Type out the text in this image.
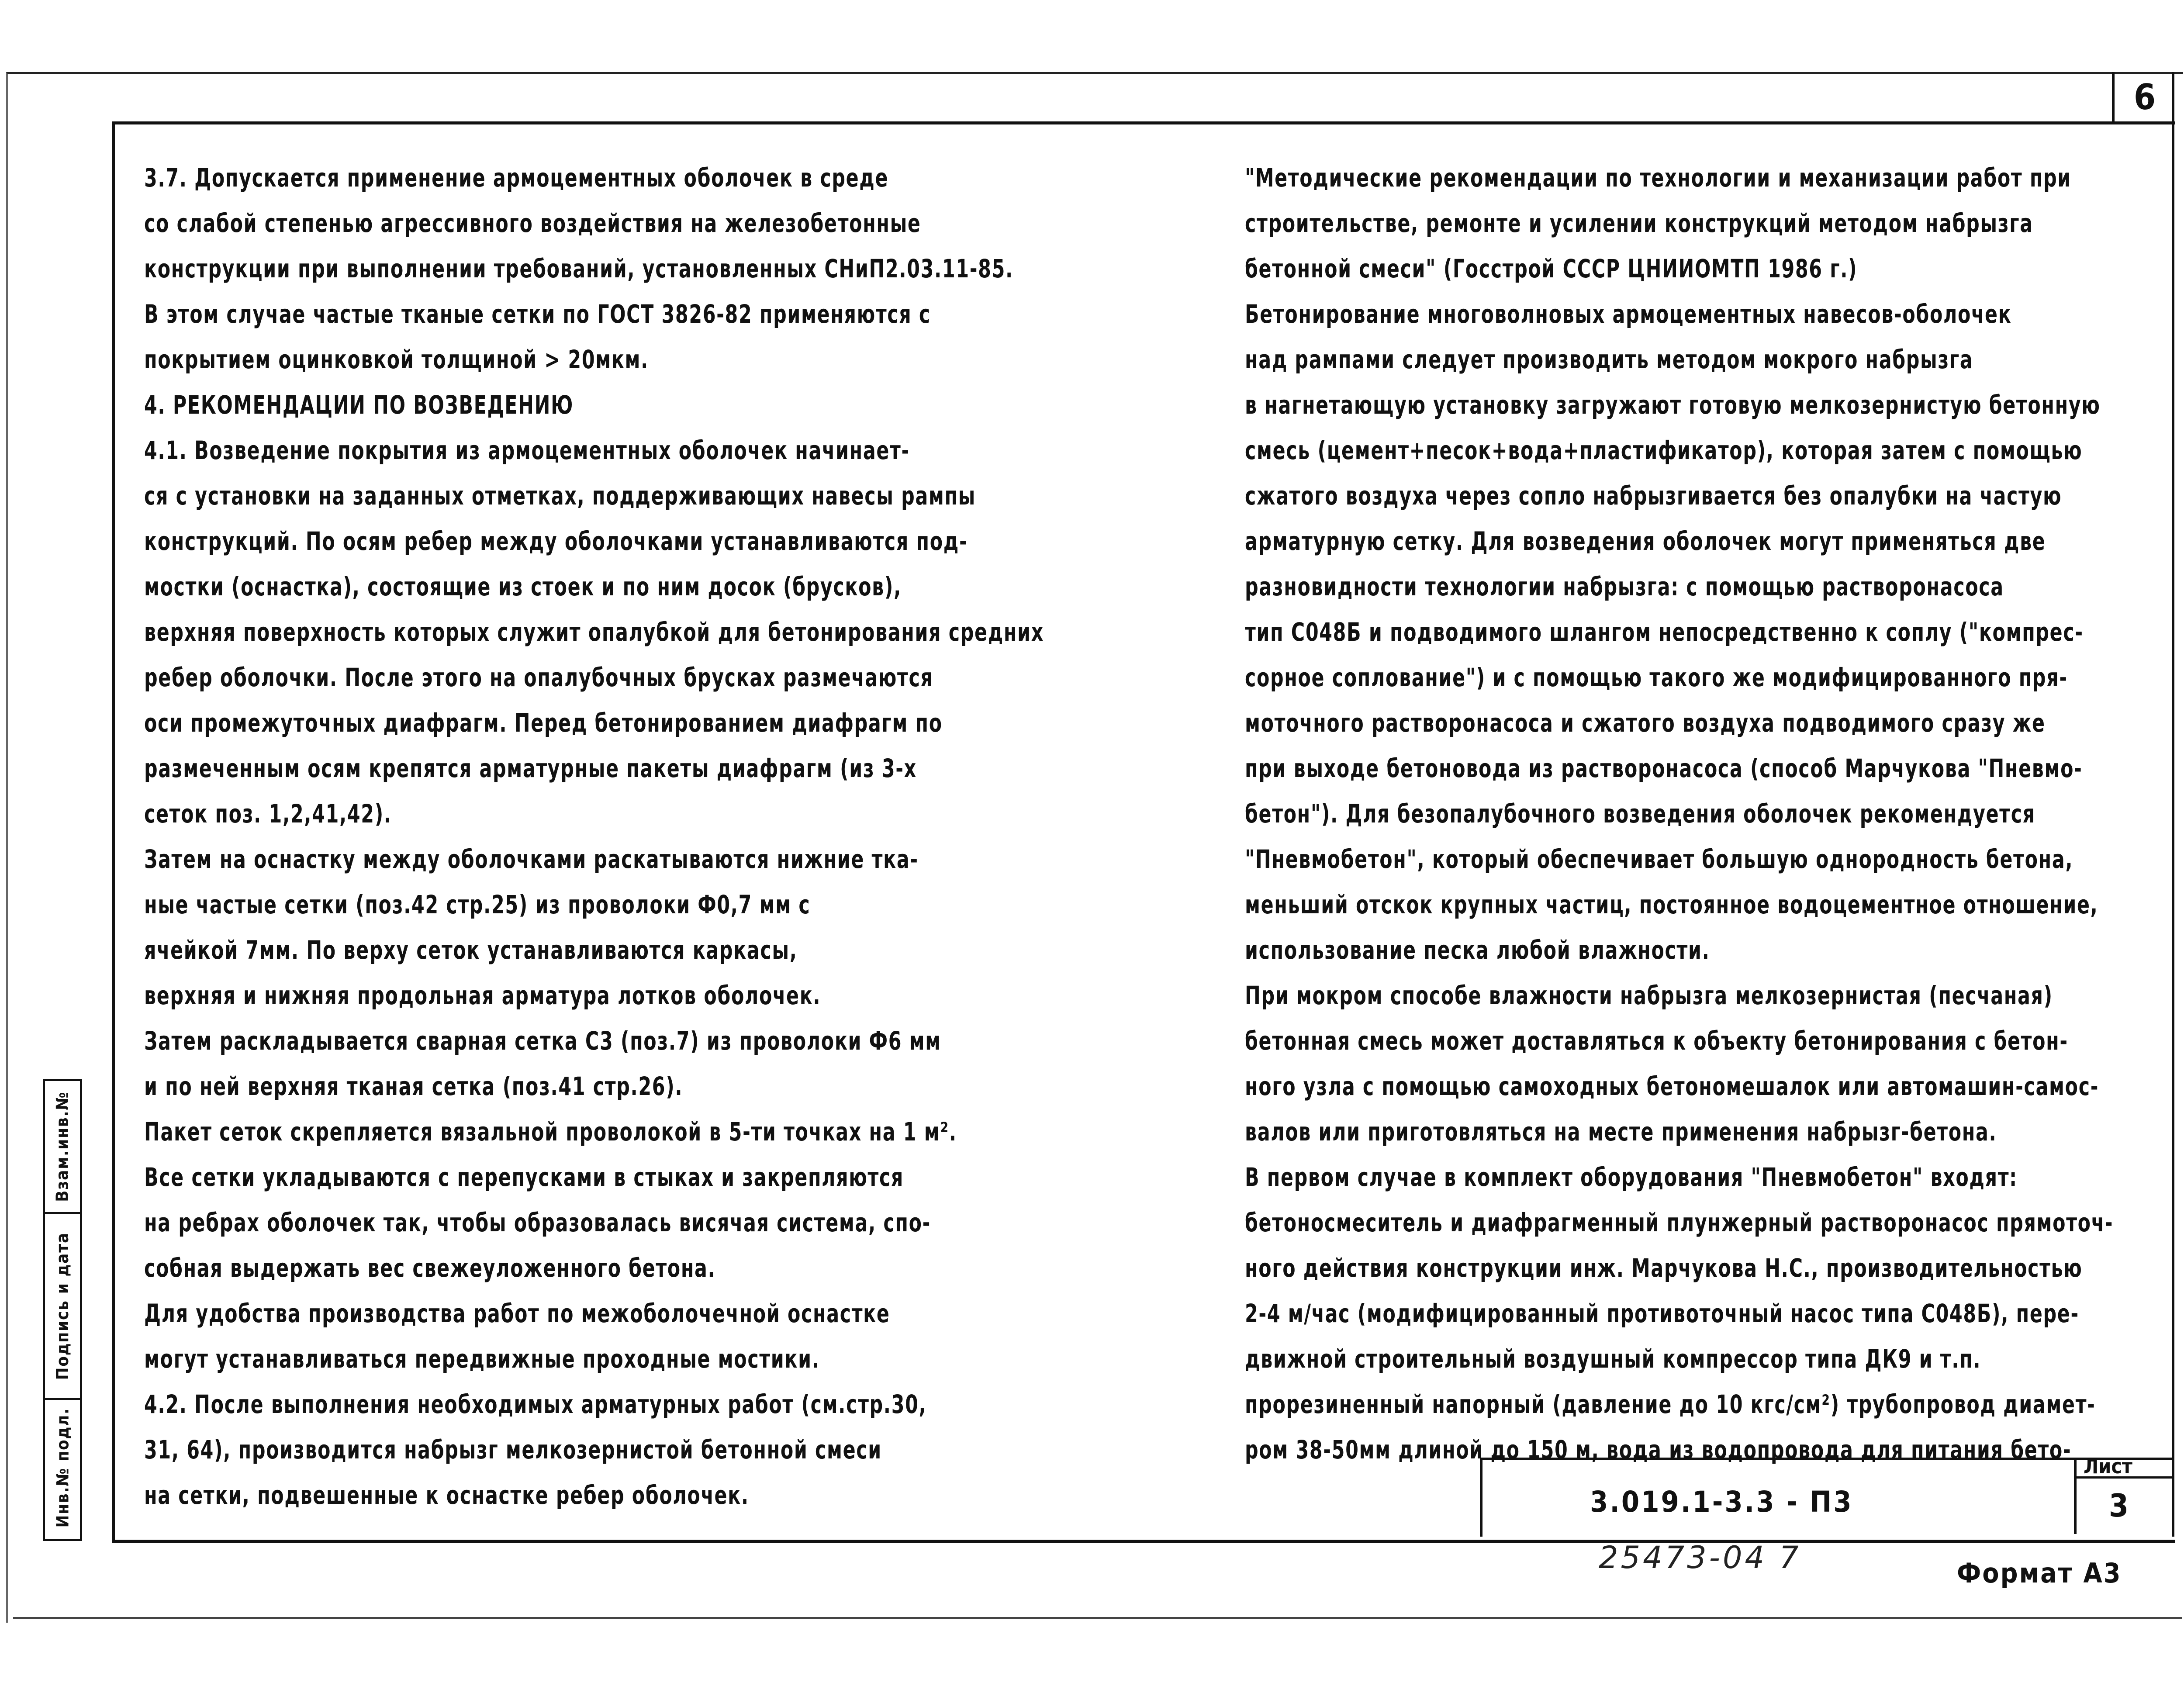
6

3.7. Допускается применение армоцементных оболочек в среде

со слабой степенью агрессивного воздействия на железобетонные

конструкции при выполнении требований, установленных СНиП2.03.11-85.

В этом случае частые тканые сетки по ГОСТ 3826-82 применяются с

покрытием оцинковкой толщиной > 20мкм.

4. РЕКОМЕНДАЦИИ ПО ВОЗВЕДЕНИЮ

4.1. Возведение покрытия из армоцементных оболочек начинает-

ся с установки на заданных отметках, поддерживающих навесы рампы

конструкций. По осям ребер между оболочками устанавливаются под-

мостки (оснастка), состоящие из стоек и по ним досок (брусков),

верхняя поверхность которых служит опалубкой для бетонирования средних

ребер оболочки. После этого на опалубочных брусках размечаются

оси промежуточных диафрагм. Перед бетонированием диафрагм по

размеченным осям крепятся арматурные пакеты диафрагм (из 3-х

сеток поз. 1,2,41,42).

Затем на оснастку между оболочками раскатываются нижние тка-

ные частые сетки (поз.42 стр.25) из проволоки Ф0,7 мм с

ячейкой 7мм. По верху сеток устанавливаются каркасы,

верхняя и нижняя продольная арматура лотков оболочек.

Затем раскладывается сварная сетка С3 (поз.7) из проволоки Ф6 мм

и по ней верхняя тканая сетка (поз.41 стр.26).

Пакет сеток скрепляется вязальной проволокой в 5-ти точках на 1 м².

Все сетки укладываются с перепусками в стыках и закрепляются

на ребрах оболочек так, чтобы образовалась висячая система, спо-

собная выдержать вес свежеуложенного бетона.

Для удобства производства работ по межоболочечной оснастке

могут устанавливаться передвижные проходные мостики.

4.2. После выполнения необходимых арматурных работ (см.стр.30,

31, 64), производится набрызг мелкозернистой бетонной смеси

на сетки, подвешенные к оснастке ребер оболочек.

"Методические рекомендации по технологии и механизации работ при

строительстве, ремонте и усилении конструкций методом набрызга

бетонной смеси" (Госстрой СССР ЦНИИОМТП 1986 г.)

Бетонирование многоволновых армоцементных навесов-оболочек

над рампами следует производить методом мокрого набрызга

в нагнетающую установку загружают готовую мелкозернистую бетонную

смесь (цемент+песок+вода+пластификатор), которая затем с помощью

сжатого воздуха через сопло набрызгивается без опалубки на частую

арматурную сетку. Для возведения оболочек могут применяться две

разновидности технологии набрызга: с помощью растворонасоса

тип С048Б и подводимого шлангом непосредственно к соплу ("компрес-

сорное соплование") и с помощью такого же модифицированного пря-

моточного растворонасоса и сжатого воздуха подводимого сразу же

при выходе бетоновода из растворонасоса (способ Марчукова "Пневмо-

бетон"). Для безопалубочного возведения оболочек рекомендуется

"Пневмобетон", который обеспечивает большую однородность бетона,

меньший отскок крупных частиц, постоянное водоцементное отношение,

использование песка любой влажности.

При мокром способе влажности набрызга мелкозернистая (песчаная)

бетонная смесь может доставляться к объекту бетонирования с бетон-

ного узла с помощью самоходных бетономешалок или автомашин-самос-

валов или приготовляться на месте применения набрызг-бетона.

В первом случае в комплект оборудования "Пневмобетон" входят:

бетоносмеситель и диафрагменный плунжерный растворонасос прямоточ-

ного действия конструкции инж. Марчукова Н.С., производительностью

2-4 м/час (модифицированный противоточный насос типа С048Б), пере-

движной строительный воздушный компрессор типа ДК9 и т.п.

прорезиненный напорный (давление до 10 кгс/см²) трубопровод диамет-

ром 38-50мм длиной до 150 м, вода из водопровода для питания бето-

Взам.инв.№
Подпись и дата
Инв.№ подл.	3.019.1-3.3 - П3
Лист
3
25473-04 7	Формат А3
